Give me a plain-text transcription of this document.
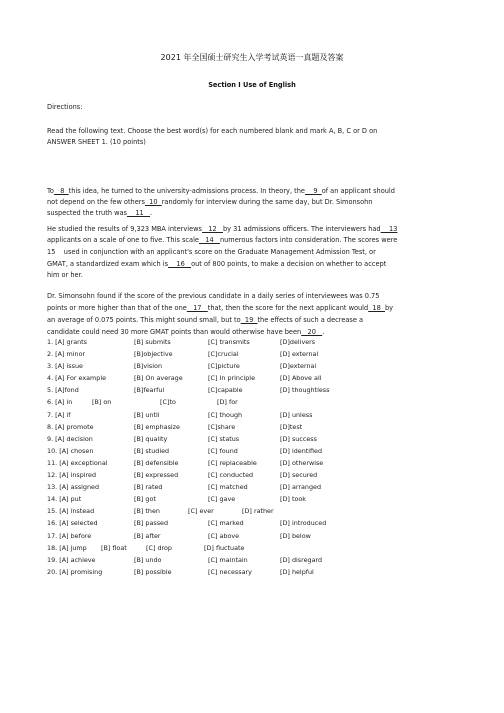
2021 年全国硕士研究生入学考试英语一真题及答案
Section I Use of English
Directions:
Read the following text. Choose the best word(s) for each numbered blank and mark A, B, C or D on
ANSWER SHEET 1. (10 points)
To   8  this idea, he turned to the university-admissions process. In theory, the    9  of an applicant should
not depend on the few others  10  randomly for interview during the same day, but Dr. Simonsohn
suspected the truth was    11   .
He studied the results of 9,323 MBA interviews   12   by 31 admissions officers. The interviewers had    13
applicants on a scale of one to five. This scale   14   numerous factors into consideration. The scores were
15    used in conjunction with an applicant's score on the Graduate Management Admission Test, or
GMAT, a standardized exam which is    16   out of 800 points, to make a decision on whether to accept
him or her.
Dr. Simonsohn found if the score of the previous candidate in a daily series of interviewees was 0.75
points or more higher than that of the one   17   that, then the score for the next applicant would  18  by
an average of 0.075 points. This might sound small, but to  19  the effects of such a decrease a
candidate could need 30 more GMAT points than would otherwise have been   20   .
1. [A] grants	[B] submits	[C] transmits	[D]delivers
2. [A] minor	[B]objective	[C]crucial	[D] external
3. [A] issue	[B]vision	[C]picture	[D]external
4. [A] For example	[B] On average	[C] In principle	[D] Above all
5. [A]fond	[B]fearful	[C]capable	[D] thoughtless
6. [A] in	[B] on	[C]to	[D] for
7. [A] if	[B] until	[C] though	[D] unless
8. [A] promote	[B] emphasize	[C]share	[D]test
9. [A] decision	[B] quality	[C] status	[D] success
10. [A] chosen	[B] studied	[C] found	[D] identified
11. [A] exceptional	[B] defensible	[C] replaceable	[D] otherwise
12. [A] inspired	[B] expressed	[C] conducted	[D] secured
13. [A] assigned	[B] rated	[C] matched	[D] arranged
14. [A] put	[B] got	[C] gave	[D] took
15. [A] instead	[B] then	[C] ever	[D] rather
16. [A] selected	[B] passed	[C] marked	[D] introduced
17. [A] before	[B] after	[C] above	[D] below
18. [A] jump [B] float	[C] drop	[D] fluctuate
19. [A] achieve	[B] undo	[C] maintain	[D] disregard
20. [A] promising	[B] possible	[C] necessary	[D] helpful
